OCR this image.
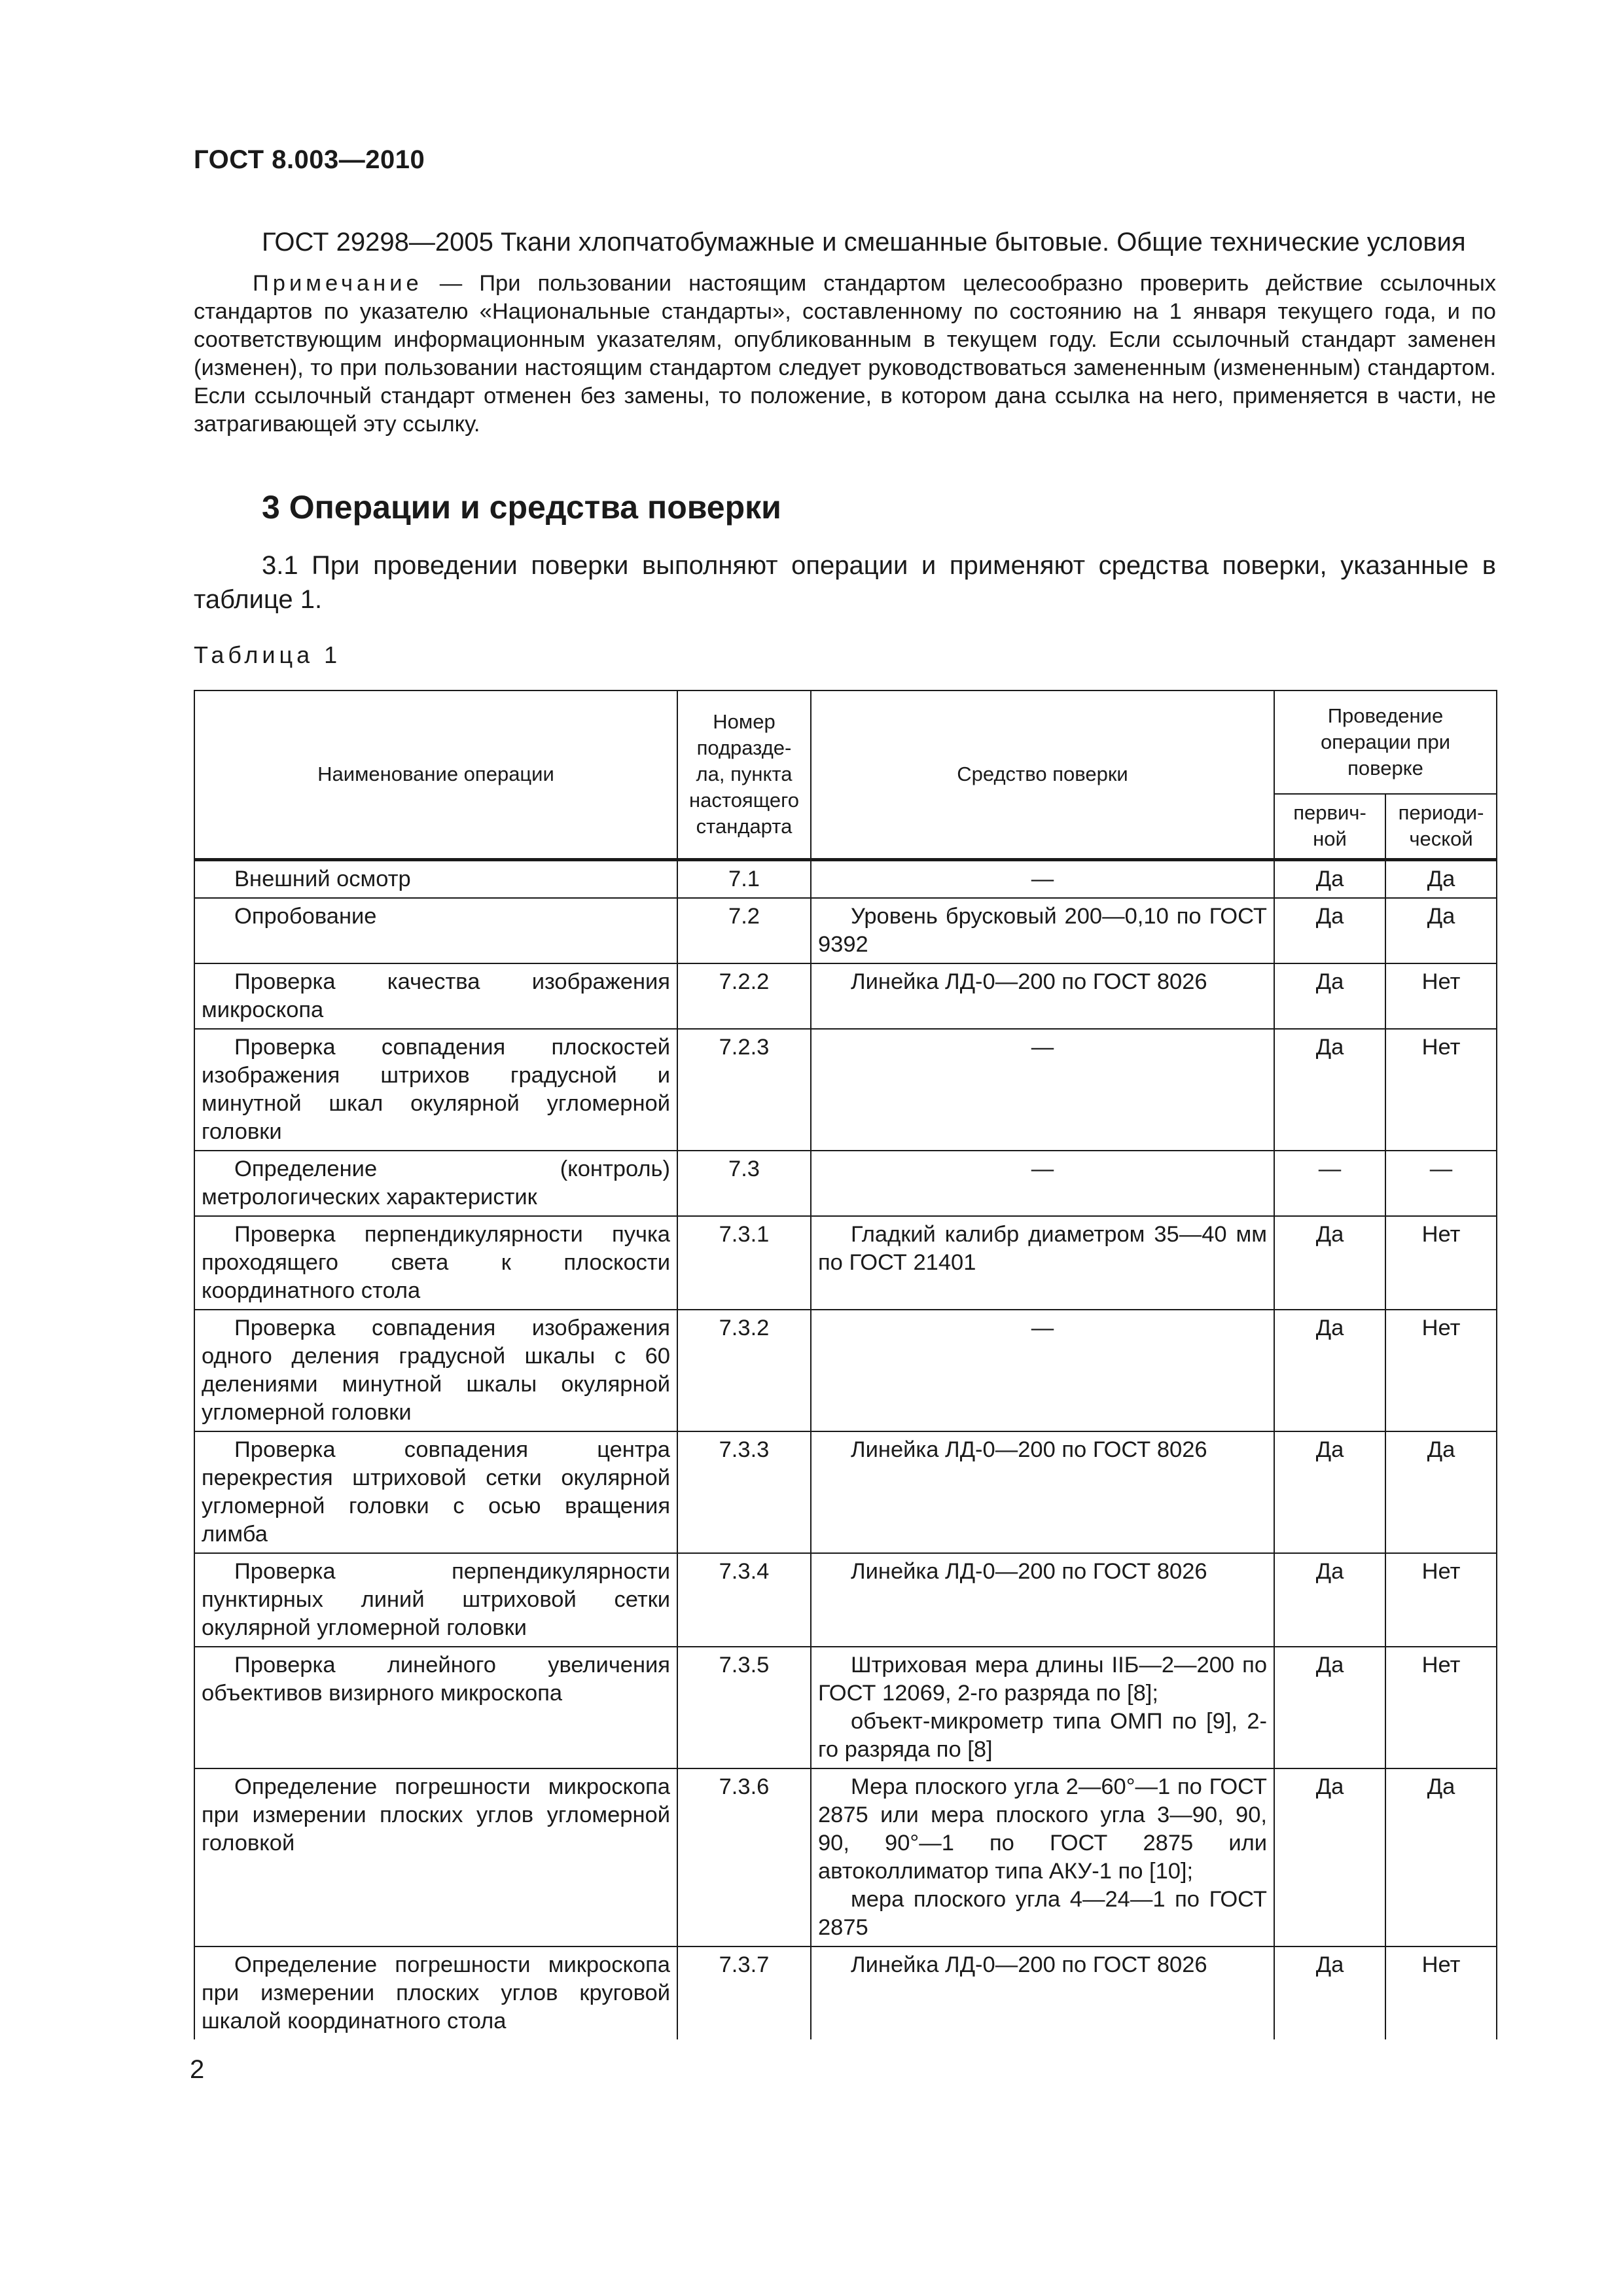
ГОСТ 8.003—2010
ГОСТ 29298—2005 Ткани хлопчатобумажные и смешанные бытовые. Общие технические условия
Примечание — При пользовании настоящим стандартом целесообразно проверить действие ссылочных стандартов по указателю «Национальные стандарты», составленному по состоянию на 1 января текущего года, и по соответствующим информационным указателям, опубликованным в текущем году. Если ссылочный стандарт заменен (изменен), то при пользовании настоящим стандартом следует руководствоваться замененным (измененным) стандартом. Если ссылочный стандарт отменен без замены, то положение, в котором дана ссылка на него, применяется в части, не затрагивающей эту ссылку.
3 Операции и средства поверки
3.1 При проведении поверки выполняют операции и применяют средства поверки, указанные в таблице 1.
Таблица 1
Наименование операции	Номер подразде- ла, пункта настоящего стандарта	Средство поверки	Проведение операции при поверке	
			первич- ной	периоди- ческой

Внешний осмотр	7.1	—	Да	Да

Опробование	7.2	Уровень брусковый 200—0,10 по ГОСТ 9392	Да	Да

Проверка качества изображения микроскопа	7.2.2	Линейка ЛД-0—200 по ГОСТ 8026	Да	Нет

Проверка совпадения плоскостей изображения штрихов градусной и минутной шкал окулярной угломерной головки	7.2.3	—	Да	Нет

Определение (контроль) метрологических характеристик	7.3	—	—	—

Проверка перпендикулярности пучка проходящего света к плоскости координатного стола	7.3.1	Гладкий калибр диаметром 35—40 мм по ГОСТ 21401	Да	Нет

Проверка совпадения изображения одного деления градусной шкалы с 60 делениями минутной шкалы окулярной угломерной головки	7.3.2	—	Да	Нет

Проверка совпадения центра перекрестия штриховой сетки окулярной угломерной головки с осью вращения лимба	7.3.3	Линейка ЛД-0—200 по ГОСТ 8026	Да	Да

Проверка перпендикулярности пунктирных линий штриховой сетки окулярной угломерной головки	7.3.4	Линейка ЛД-0—200 по ГОСТ 8026	Да	Нет

Проверка линейного увеличения объективов визирного микроскопа	7.3.5	Штриховая мера длины IIБ—2—200 по ГОСТ 12069, 2-го разряда по [8];
объект-микрометр типа ОМП по [9], 2-го разряда по [8]	Да	Нет

Определение погрешности микроскопа при измерении плоских углов угломерной головкой	7.3.6	Мера плоского угла 2—60°—1 по ГОСТ 2875 или мера плоского угла 3—90, 90, 90, 90°—1 по ГОСТ 2875 или автоколлиматор типа АКУ-1 по [10];
мера плоского угла 4—24—1 по ГОСТ 2875	Да	Да

Определение погрешности микроскопа при измерении плоских углов круговой шкалой координатного стола	7.3.7	Линейка ЛД-0—200 по ГОСТ 8026	Да	Нет
2
